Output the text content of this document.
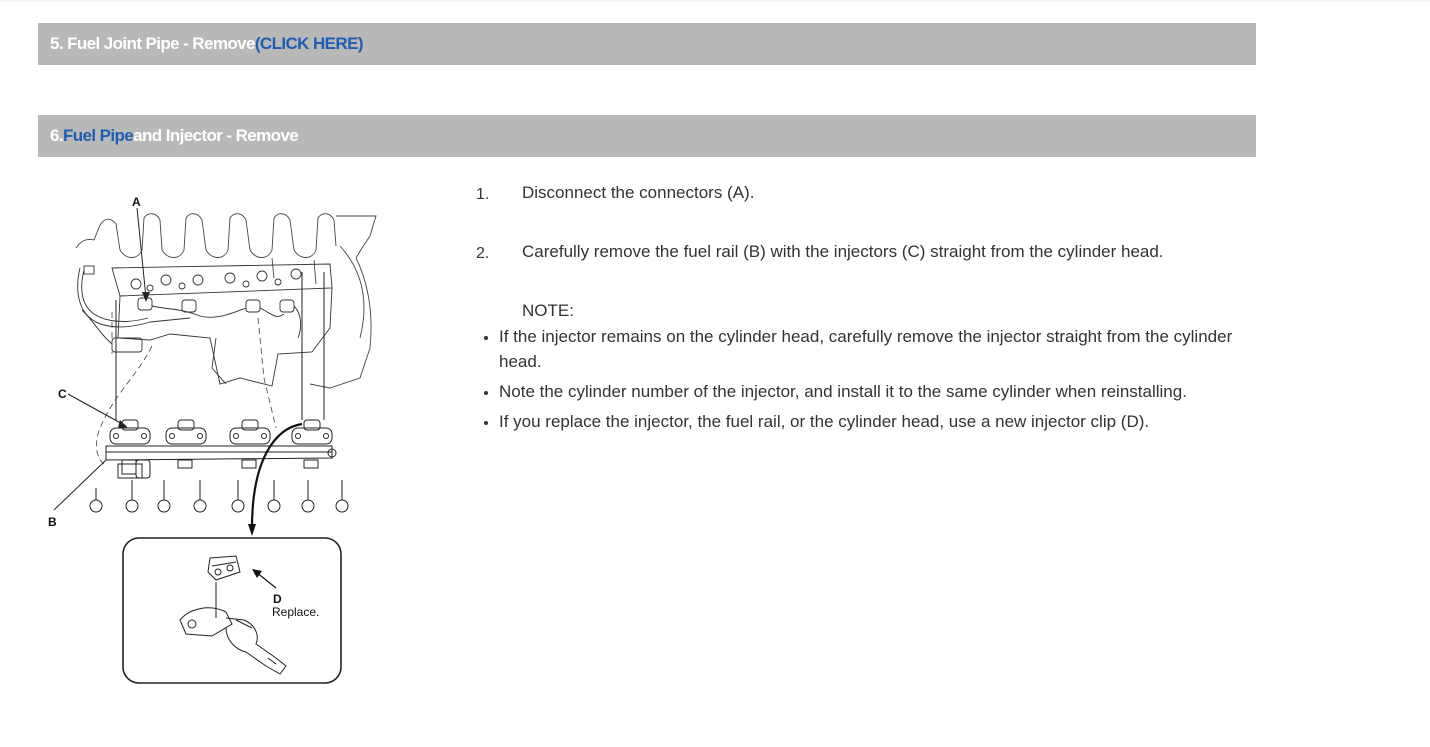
5. Fuel Joint Pipe - Remove (CLICK HERE)
6. Fuel Pipe and Injector - Remove
A
C
B
D
Replace.
1.	Disconnect the connectors (A).
2.	Carefully remove the fuel rail (B) with the injectors (C) straight from the cylinder head.
NOTE:
• If the injector remains on the cylinder head, carefully remove the injector straight from the cylinder head.
• Note the cylinder number of the injector, and install it to the same cylinder when reinstalling.
• If you replace the injector, the fuel rail, or the cylinder head, use a new injector clip (D).
